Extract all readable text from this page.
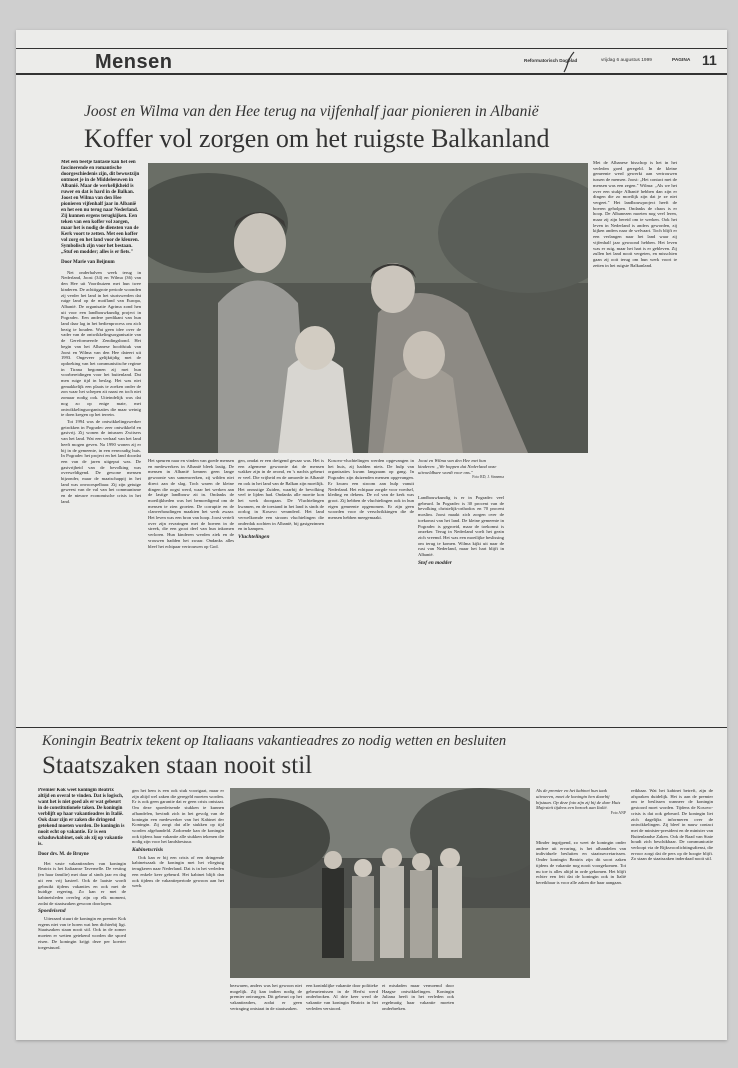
Mensen	Reformatorisch Dagblad	vrijdag 6 augustus 1999	PAGINA 11
Joost en Wilma van den Hee terug na vijfenhalf jaar pionieren in Albanië
Koffer vol zorgen om het ruigste Balkanland
Met een beetje fantasie kan het een fascinerende en romantische doorgeschiedenis zijn, dit bewustzijn ontmoet je in de Middeleeuwen in Albanië. Maar de werkelijkheid is ruwer en dat is hard in de Balkan. Joost en Wilma van den Hee pionieren vijfenhalf jaar in Albanië en het een nu terug naar Nederland. Zij kunnen ergens terugkijken. Een teken van een koffer vol zorgen, maar het is nodig de diensten van de Kerk voort te zetten. Met een koffer vol zorg en het land voor de kleuren. Symbolisch zijn voor het bestaan. „Stuf en modder; alles is er fiets."
Door Marie van Beijnum

Net onderhalven week terug in Nederland, Joost (34) en Wilma (36) van den Hee uit Voorthuizen met hun twee kinderen. De achttiggrote periode woonden zij verder het land in het sturiswerden dat ruige land op de motfland van Europa, Albanië. De organisatie Agrima zond hen uit voor een landbouwkundig project in Pogradec. Een andere predikant van hun land daar lag in het bedienprocess om zich bezig te houden. Wat geen idee over de vader van de ontwikkelingsorganisatie van de Gereformeerde Zendingsbond. Het begin van het Albanese hoofdstuk van Joost en Wilma van den Hee dateert uit 1993. Ongeveer gelijktijdig met de opdoeking van het communistische regime in Tirana begonnen zij met hun voorbereidingen voor het buitenland. Dat men ruige tijd in beslag. Het was niet gemakkelijk een plaats te zoeken onder de zon waar het schepen zit naast en toch niet zomaar nodig ook. Uiteindelijk was dat nog zo op enige mate, met ontwikkelingsorganisaties die maar weinig te doen kregen op het terrein.

Tot 1994 was de ontwikkelingswerker getrokken in Pogradec zeer ontwikkeld en gastvrij. Zij wonen de intussen Zwitsers van het land. Wat een verhaal van het land heeft mogen geven. Na 1990 wonen zij er bij in de gemeente, in een eenvoudig huis. In Pogradec het project en het land doordat een van de jaren uitgeput was. De gastvrijheid van de bevolking was overweldigend. De gewone mensen bijzonder, maar de maatschappij in het land was onvoorspelbaar. Zij zijn getuige geweest van de val van het communisme en de nieuwe economische crisis in het land.

Met de Albanese bisschop is het in het verleden goed geregeld. In de kleine gemeente werd gewerkt aan vertrouwen tussen de mensen. Joost: „Het contact met de mensen was een zegen." Wilma: „Als we het over een stukje Albanië hebben dan zijn er dingen die zo moeilijk zijn dat je ze niet vergeet." Het landbouwproject heeft de boeren geholpen. Ondanks de chaos is er hoop. De Albanezen moeten nog veel leren, maar zij zijn bereid om te werken. Ook het leven in Nederland is anders geworden, zij kijken anders naar de welvaart. Toch blijft er een verlangen naar het land waar zij vijfenhalf jaar gewoond hebben. Het leven was er ruig, maar het hart is er gebleven. Zij zullen het land nooit vergeten, en misschien gaan zij ooit terug om hun werk voort te zetten in het ruigste Balkanland.

Het speuren naar en vinden van goede mensen en medewerkers in Albanië bleek lastig. De mensen in Albanië kennen geen lange gewoonte van samenwerken, zij wilden niet direct aan de slag. Toch waren de kleine dingen die oogst werd, waar het werken aan de lastige landbouw zit in. Ondanks de moeilijkheden was het bemoedigend om de mensen te zien groeien. De corruptie en de clanverhoudingen maakten het werk zwaar. Het leven was een bron van hoop. Joost vertelt over zijn ervaringen met de boeren in de streek, die een groot deel van hun inkomen verloren. Hun kinderen werden ziek en de vrouwen hadden het zwaar. Ondanks alles bleef het echtpaar vertrouwen op God.

gen, omdat er een dreigend gevaar was. Het is een algemene gewoonte dat de mensen wakker zijn in de avond, en 's nachts gebeurt er veel. Die vrijheid en de armoede in Albanië en ook in het land van de Balkan zijn moeilijk. Het onrustige Zuiden, waarbij de bevolking veel te lijden had. Ondanks alle moeite kon het werk doorgaan. De Vluchtelingen kwamen, en de toestand in het land is sinds de oorlog in Kosovo veranderd. Het land verwelkomde een stroom vluchtelingen die onderdak zochten in Albanië, bij gastgezinnen en in kampen.

Vluchtelingen

Kosovo-vluchtelingen werden opgevangen in het huis, zij hadden niets. De hulp van organisaties kwam langzaam op gang. In Pogradec zijn duizenden mensen opgevangen. Er kwam een stroom aan hulp vanuit Nederland. Het echtpaar zorgde voor voedsel, kleding en dekens. De rol van de kerk was groot. Zij hebben de vluchtelingen ook in hun eigen gemeente opgenomen. Er zijn geen woorden voor de verschrikkingen die de mensen hebben meegemaakt.

Joost en Wilma van den Hee met hun kinderen: „We hoppen dat Nederland onze uitvoeldbare wordt voor ons."
Foto RD, J. Sinnema

Landbouwkundig is er in Pogradec veel gebeurd. In Pogradec is 30 procent van de bevolking christelijk-orthodox en 70 procent moslim. Joost maakt zich zorgen over de toekomst van het land. De kleine gemeente in Pogradec is gegroeid, maar de toekomst is onzeker. Terug in Nederland voelt het gezin zich vreemd. Het was een moeilijke beslissing om terug te komen. Wilma kijkt uit naar de rust van Nederland, maar het hart blijft in Albanië.

Stof en modder
Koningin Beatrix tekent op Italiaans vakantieadres zo nodig wetten en besluiten
Staatszaken staan nooit stil
Premier Kok weet koningin Beatrix altijd en overal te vinden. Dat is logisch, want het is niet goed als er wat gebeurt in de constitutionele taken. De koningin verblijft op haar vakantieadres in Italië. Ook daar zijn er zaken die dringend getekend moeten worden. De koningin is nooit echt op vakantie. Er is een schaduwkabinet, ook als zij op vakantie is.
Door drs. M. de Bruyne

Het vaste vakantieadres van koningin Beatrix is het Italiaanse Tavernelle. De vesting (en haar familie) met daar al sinds jaar en dag uit een vrij kasteel. Ook de laatste wordt gebruikt tijdens vakanties en ook met de huidige regering. Zo kan er met de kabinetsleden overleg zijn op elk moment, zodat de staatszaken gewoon doorlopen.

Spoedeisend

Uiteraard stuurt de koningin en premier Kok ergens niet van te horen wat hen dichterbij ligt. Staatszaken staan nooit stil. Ook in de zomer moeten er wetten getekend worden die spoed eisen. De koningin krijgt deze per koerier toegestuurd.

gen het hem is een ook stuk voortgaat, maar er zijn altijd wel zaken die geregeld moeten worden. Er is ook geen garantie dat er geen crisis ontstaat. Om deze spoedeisende stukken te kunnen afhandelen, bevindt zich in het gevolg van de koningin een medewerker van het Kabinet der Koningin. Zij zorgt dat alle stukken op tijd worden afgehandeld. Zodoende kan de koningin ook tijdens haar vakantie alle stukken tekenen die nodig zijn voor het landsbestuur.

Kabinetscrisis

Ook kan er bij een crisis of een dringende kabinetszaak de koningin met het vliegtuig terugkeren naar Nederland. Dat is in het verleden een enkele keer gebeurd. Het kabinet blijft dan ook tijdens de vakantieperiode gewoon aan het werk.

bezwaren, anders was het gewoon niet mogelijk. Zij kan indien nodig de premier ontvangen. Dit gebeurt op het vakantieadres, zodat er geen vertraging ontstaat in de staatszaken.

een koninklijke vakantie door politieke gebeurtenissen in de Herfst werd onderbroken. Al drie keer werd de vakantie van koningin Beatrix in het verleden verstoord.

et misdaden maar vernoemd door Haagse ontwikkelingen. Koningin Juliana heeft in het verleden ook regelmatig haar vakantie moeten onderbreken.

Als de premier en het kabinet hun taak uitvoeren, moet de koningin hen daarbij bijstaan. Op deze foto zijn zij bij de dure Huis Majesteit tijdens een bezoek aan Italië.
Foto ANP

Minder ingrijpend, zo weet de koningin onder andere uit ervaring, is het afhandelen van individuele besluiten en staatssecretarissen. Onder koningin Beatrix zijn dit soort zaken tijdens de vakantie nog nooit voorgekomen. Tot nu toe is alles altijd in orde gekomen. Het blijft echter een feit dat de koningin ook in Italië bereikbaar is voor alle zaken die haar aangaan.

reikbaar. Wat het kabinet betreft, zijn de afspraken duidelijk. Het is aan de premier om te beslissen wanneer de koningin gestoord moet worden. Tijdens de Kosovo-crisis is dat ook gebeurd. De koningin liet zich dagelijks informeren over de ontwikkelingen. Zij bleef in nauw contact met de minister-president en de minister van Buitenlandse Zaken. Ook de Raad van State houdt zich beschikbaar. De communicatie verloopt via de Rijksvoorlichtingsdienst, die ervoor zorgt dat de pers op de hoogte blijft. Zo staan de staatszaken inderdaad nooit stil.
